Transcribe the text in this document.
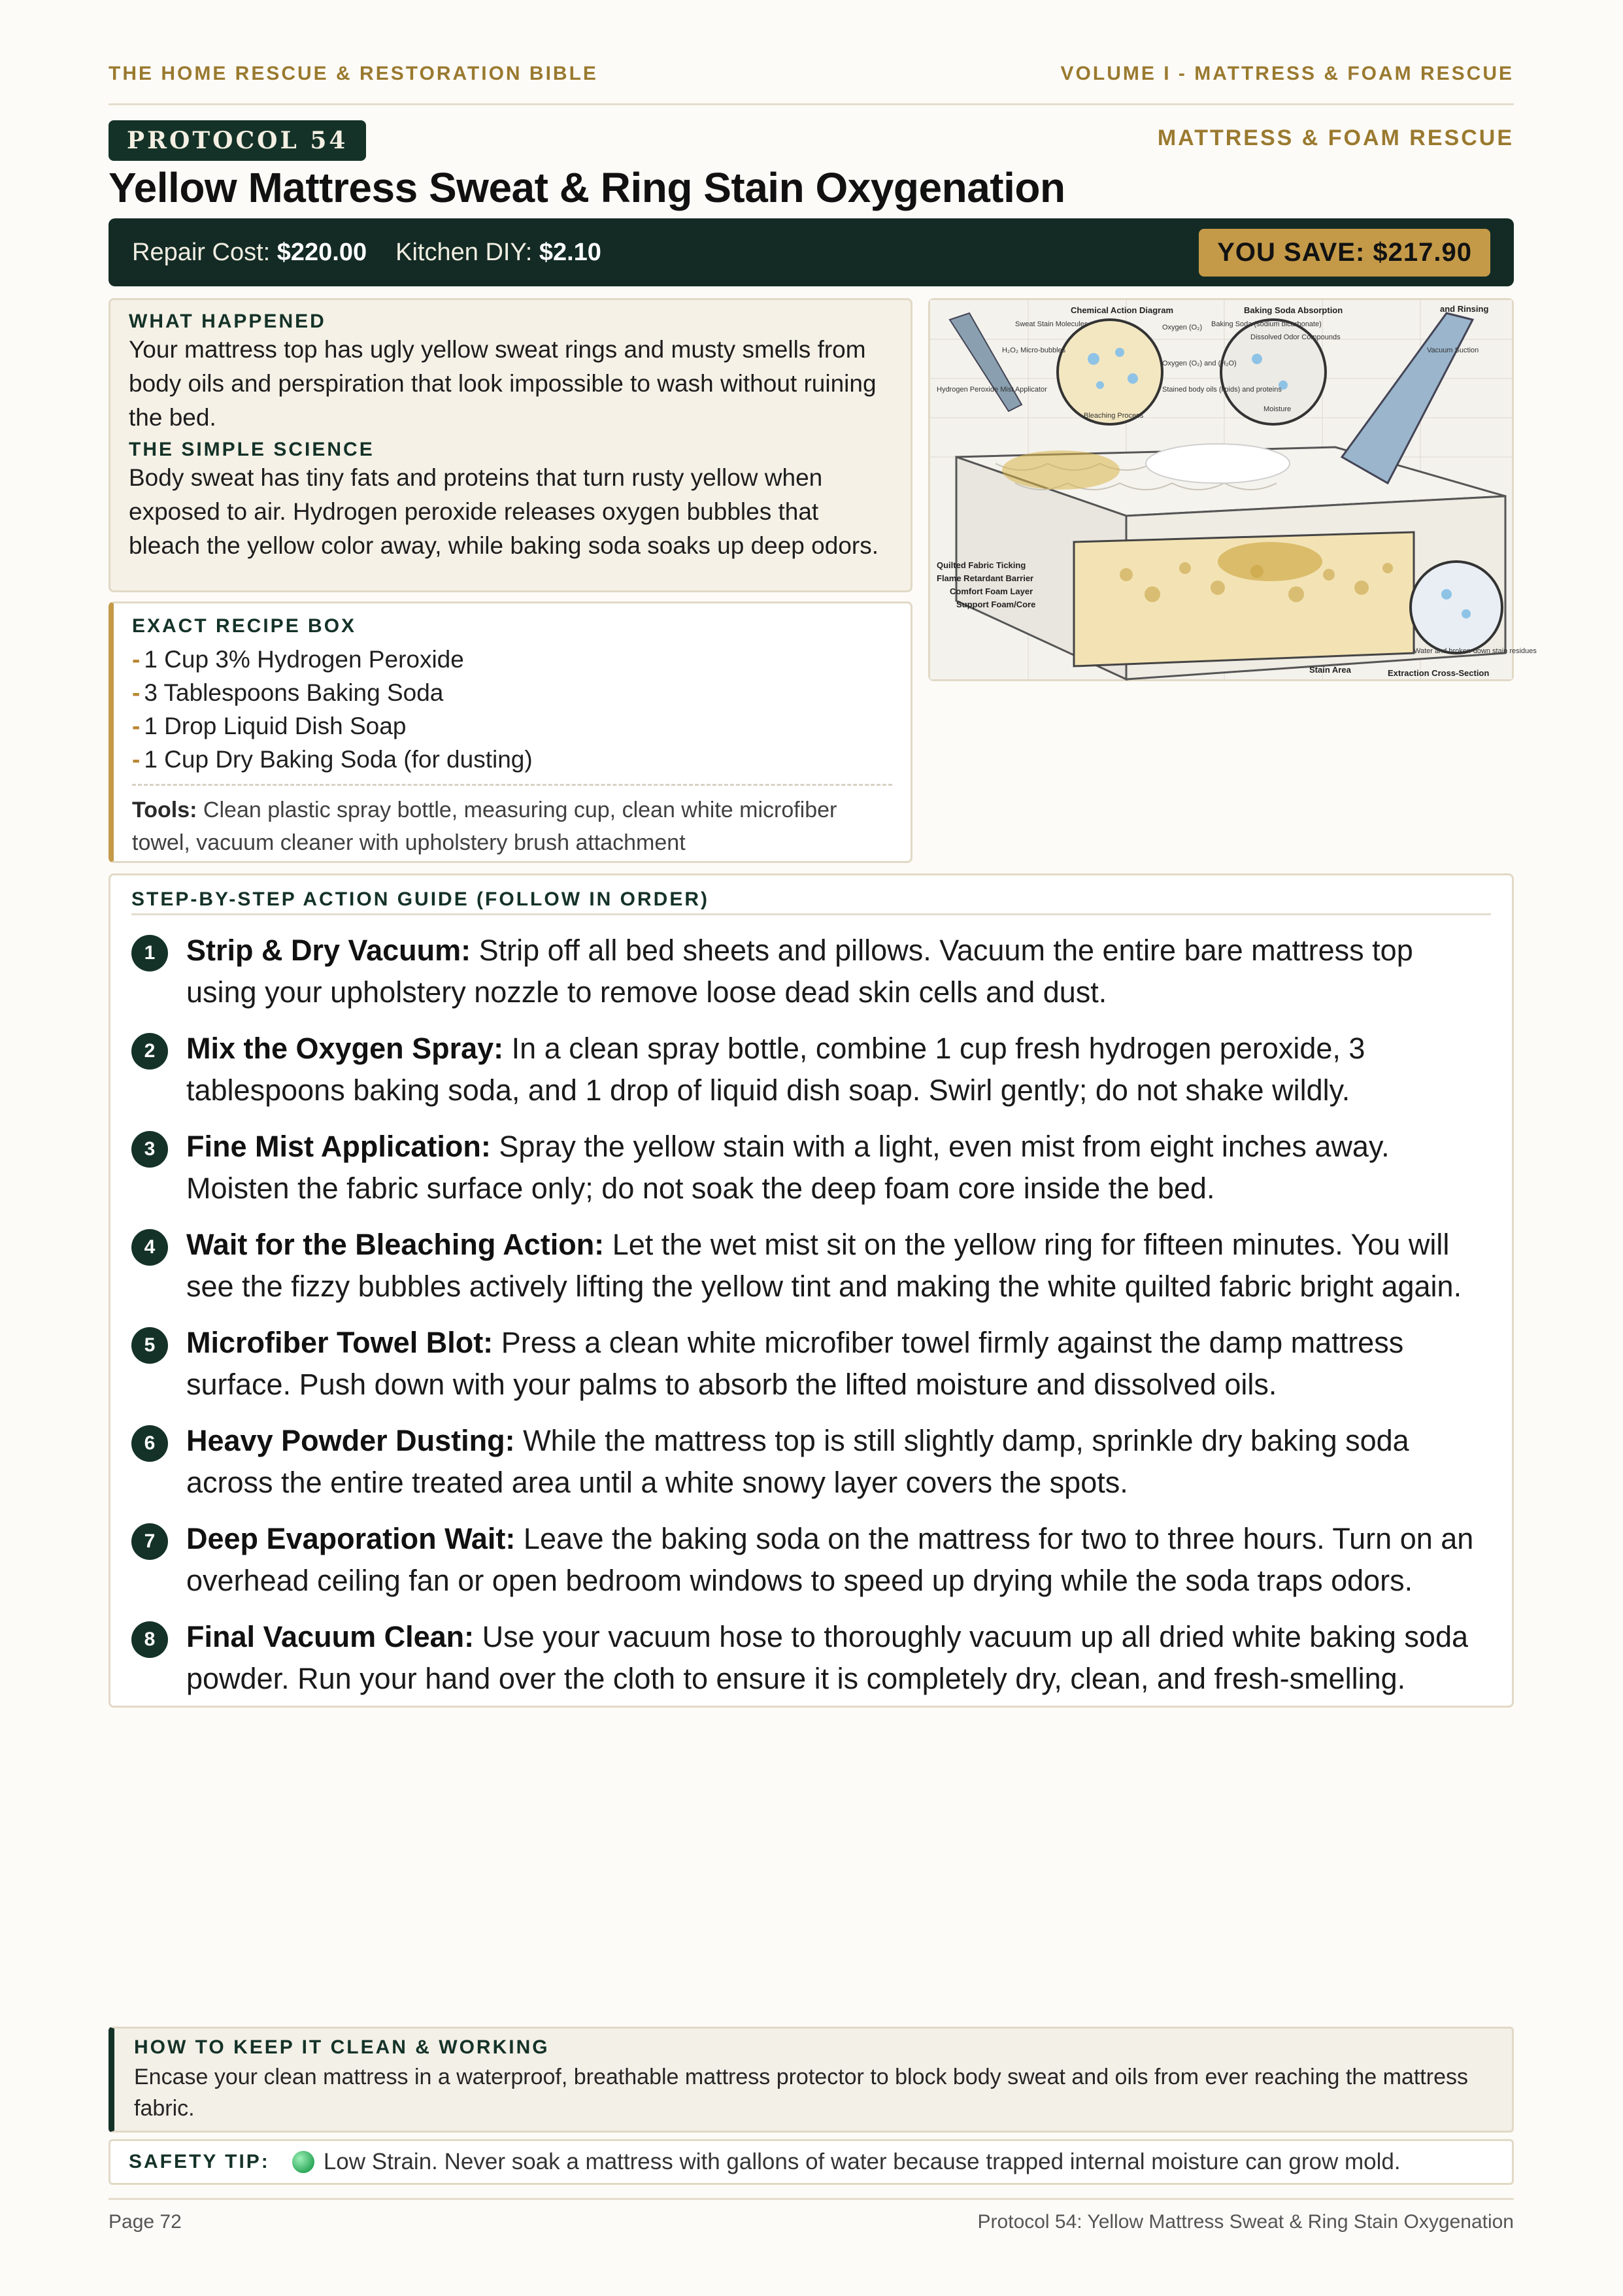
THE HOME RESCUE & RESTORATION BIBLE	VOLUME I - MATTRESS & FOAM RESCUE
PROTOCOL 54	MATTRESS & FOAM RESCUE
Yellow Mattress Sweat & Ring Stain Oxygenation
Repair Cost: $220.00 Kitchen DIY: $2.10	YOU SAVE: $217.90

WHAT HAPPENED

Your mattress top has ugly yellow sweat rings and musty smells from body oils and perspiration that look impossible to wash without ruining the bed.

THE SIMPLE SCIENCE

Body sweat has tiny fats and proteins that turn rusty yellow when exposed to air. Hydrogen peroxide releases oxygen bubbles that bleach the yellow color away, while baking soda soaks up deep odors.

Chemical Action Diagram	Baking Soda Absorption	and Rinsing
Quilted Fabric Ticking
Flame Retardant Barrier
Comfort Foam Layer
Support Foam/Core
Stain Area	Extraction Cross-Section
Sweat Stain Molecules
H₂O₂ Micro-bubbles
Hydrogen Peroxide Mist Applicator
Oxygen (O₂)
Oxygen (O₂) and (H₂O)
Stained body oils (lipids) and proteins
Bleaching Process
Baking Soda (sodium bicarbonate)
Dissolved Odor Compounds
Moisture
Vacuum Suction
Water and broken-down stain residues

EXACT RECIPE BOX

- 1 Cup 3% Hydrogen Peroxide
- 3 Tablespoons Baking Soda
- 1 Drop Liquid Dish Soap
- 1 Cup Dry Baking Soda (for dusting)
Tools: Clean plastic spray bottle, measuring cup, clean white microfiber towel, vacuum cleaner with upholstery brush attachment

STEP-BY-STEP ACTION GUIDE (FOLLOW IN ORDER)

1	Strip & Dry Vacuum: Strip off all bed sheets and pillows. Vacuum the entire bare mattress top using your upholstery nozzle to remove loose dead skin cells and dust.
2	Mix the Oxygen Spray: In a clean spray bottle, combine 1 cup fresh hydrogen peroxide, 3 tablespoons baking soda, and 1 drop of liquid dish soap. Swirl gently; do not shake wildly.
3	Fine Mist Application: Spray the yellow stain with a light, even mist from eight inches away. Moisten the fabric surface only; do not soak the deep foam core inside the bed.
4	Wait for the Bleaching Action: Let the wet mist sit on the yellow ring for fifteen minutes. You will see the fizzy bubbles actively lifting the yellow tint and making the white quilted fabric bright again.
5	Microfiber Towel Blot: Press a clean white microfiber towel firmly against the damp mattress surface. Push down with your palms to absorb the lifted moisture and dissolved oils.
6	Heavy Powder Dusting: While the mattress top is still slightly damp, sprinkle dry baking soda across the entire treated area until a white snowy layer covers the spots.
7	Deep Evaporation Wait: Leave the baking soda on the mattress for two to three hours. Turn on an overhead ceiling fan or open bedroom windows to speed up drying while the soda traps odors.
8	Final Vacuum Clean: Use your vacuum hose to thoroughly vacuum up all dried white baking soda powder. Run your hand over the cloth to ensure it is completely dry, clean, and fresh-smelling.

HOW TO KEEP IT CLEAN & WORKING

Encase your clean mattress in a waterproof, breathable mattress protector to block body sweat and oils from ever reaching the mattress fabric.

SAFETY TIP: Low Strain. Never soak a mattress with gallons of water because trapped internal moisture can grow mold.
Page 72	Protocol 54: Yellow Mattress Sweat & Ring Stain Oxygenation
